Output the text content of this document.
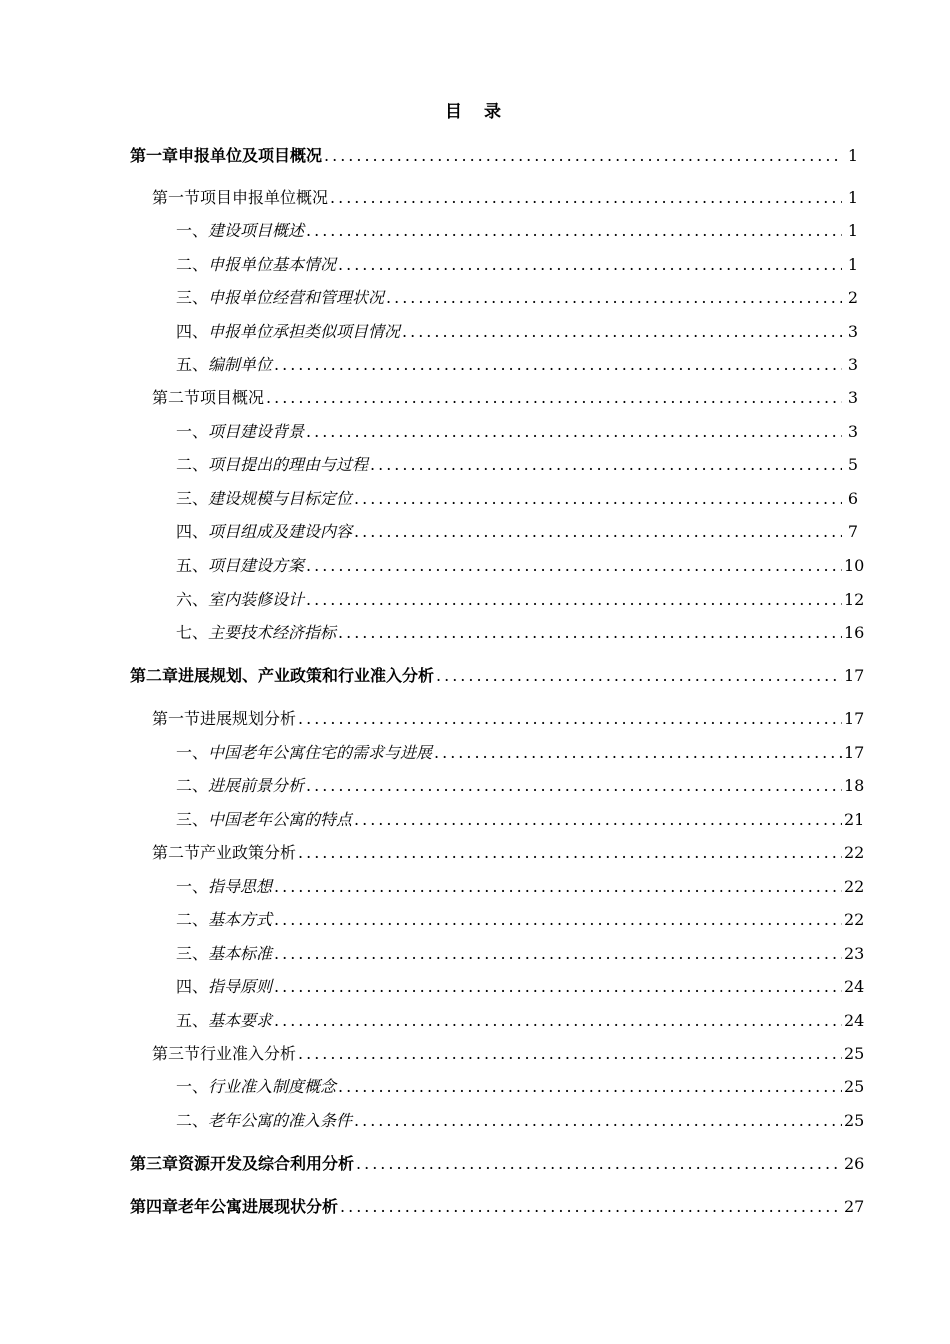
目 录
第一章 申报单位及项目概况 .....	1
第一节 项目申报单位概况 .....	1
一、 建设项目概述 .....	1
二、 申报单位基本情况 .....	1
三、 申报单位经营和管理状况 .....	2
四、 申报单位承担类似项目情况 .....	3
五、 编制单位 .....	3
第二节 项目概况 .....	3
一、 项目建设背景 .....	3
二、 项目提出的理由与过程 .....	5
三、 建设规模与目标定位 .....	6
四、 项目组成及建设内容 .....	7
五、 项目建设方案 .....	10
六、 室内装修设计 .....	12
七、 主要技术经济指标 .....	16
第二章 进展规划、产业政策和行业准入分析 .....	17
第一节 进展规划分析 .....	17
一、 中国老年公寓住宅的需求与进展 .....	17
二、 进展前景分析 .....	18
三、 中国老年公寓的特点 .....	21
第二节 产业政策分析 .....	22
一、 指导思想 .....	22
二、 基本方式 .....	22
三、 基本标准 .....	23
四、 指导原则 .....	24
五、 基本要求 .....	24
第三节 行业准入分析 .....	25
一、 行业准入制度概念 .....	25
二、 老年公寓的准入条件 .....	25
第三章 资源开发及综合利用分析 .....	26
第四章 老年公寓进展现状分析 .....	27
